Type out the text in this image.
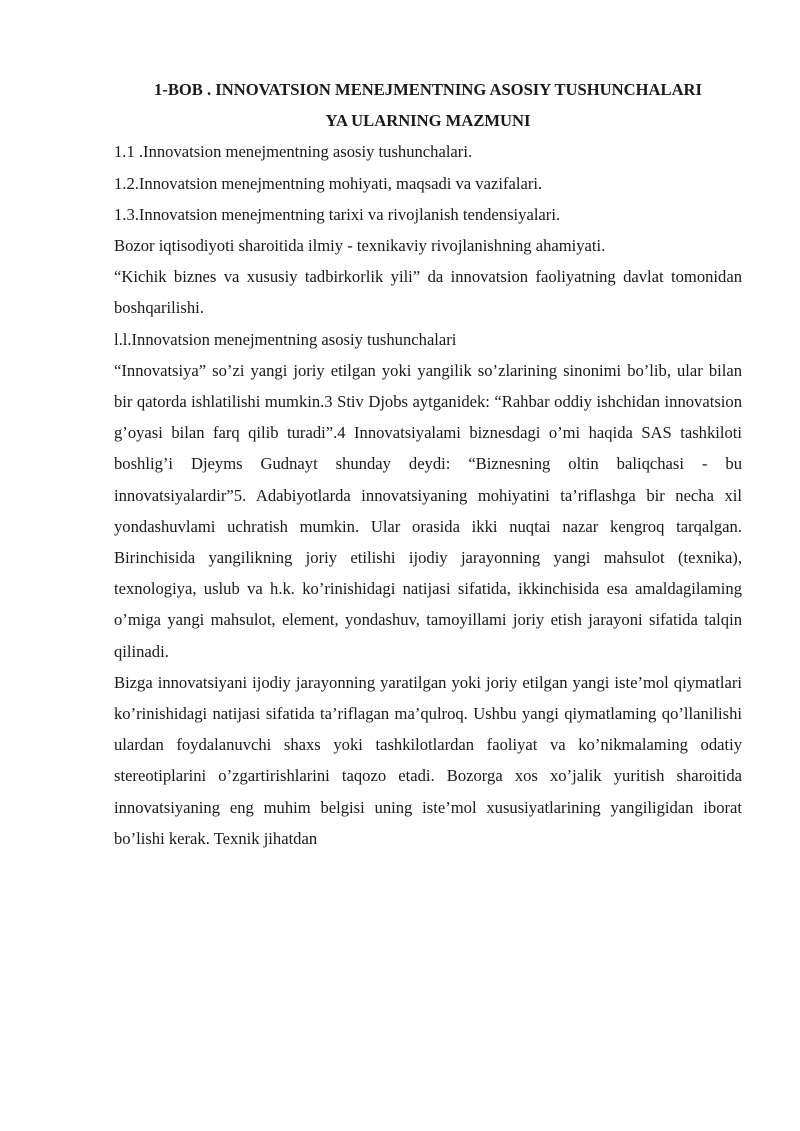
1-BOB . INNOVATSION MENEJMENTNING ASOSIY TUSHUNCHALARI
YA ULARNING MAZMUNI

1.1 .Innovatsion menejmentning asosiy tushunchalari.

1.2.Innovatsion menejmentning mohiyati, maqsadi va vazifalari.

1.3.Innovatsion menejmentning tarixi va rivojlanish tendensiyalari.

Bozor iqtisodiyoti sharoitida ilmiy - texnikaviy rivojlanishning ahamiyati.

“Kichik biznes va xususiy tadbirkorlik yili” da innovatsion faoliyatning davlat tomonidan boshqarilishi.

l.l.Innovatsion menejmentning asosiy tushunchalari

“Innovatsiya” so’zi yangi joriy etilgan yoki yangilik so’zlarining sinonimi bo’lib, ular bilan bir qatorda ishlatilishi mumkin.3 Stiv Djobs aytganidek: “Rahbar oddiy ishchidan innovatsion g’oyasi bilan farq qilib turadi”.4 Innovatsiyalami biznesdagi o’mi haqida SAS tashkiloti boshlig’i Djeyms Gudnayt shunday deydi: “Biznesning oltin baliqchasi - bu innovatsiyalardir”5. Adabiyotlarda innovatsiyaning mohiyatini ta’riflashga bir necha xil yondashuvlami uchratish mumkin. Ular orasida ikki nuqtai nazar kengroq tarqalgan. Birinchisida yangilikning joriy etilishi ijodiy jarayonning yangi mahsulot (texnika), texnologiya, uslub va h.k. ko’rinishidagi natijasi sifatida, ikkinchisida esa amaldagilaming o’miga yangi mahsulot, element, yondashuv, tamoyillami joriy etish jarayoni sifatida talqin qilinadi.

Bizga innovatsiyani ijodiy jarayonning yaratilgan yoki joriy etilgan yangi iste’mol qiymatlari ko’rinishidagi natijasi sifatida ta’riflagan ma’qulroq. Ushbu yangi qiymatlaming qo’llanilishi ulardan foydalanuvchi shaxs yoki tashkilotlardan faoliyat va ko’nikmalaming odatiy stereotiplarini o’zgartirishlarini taqozo etadi. Bozorga xos xo’jalik yuritish sharoitida innovatsiyaning eng muhim belgisi uning iste’mol xususiyatlarining yangiligidan iborat bo’lishi kerak. Texnik jihatdan
